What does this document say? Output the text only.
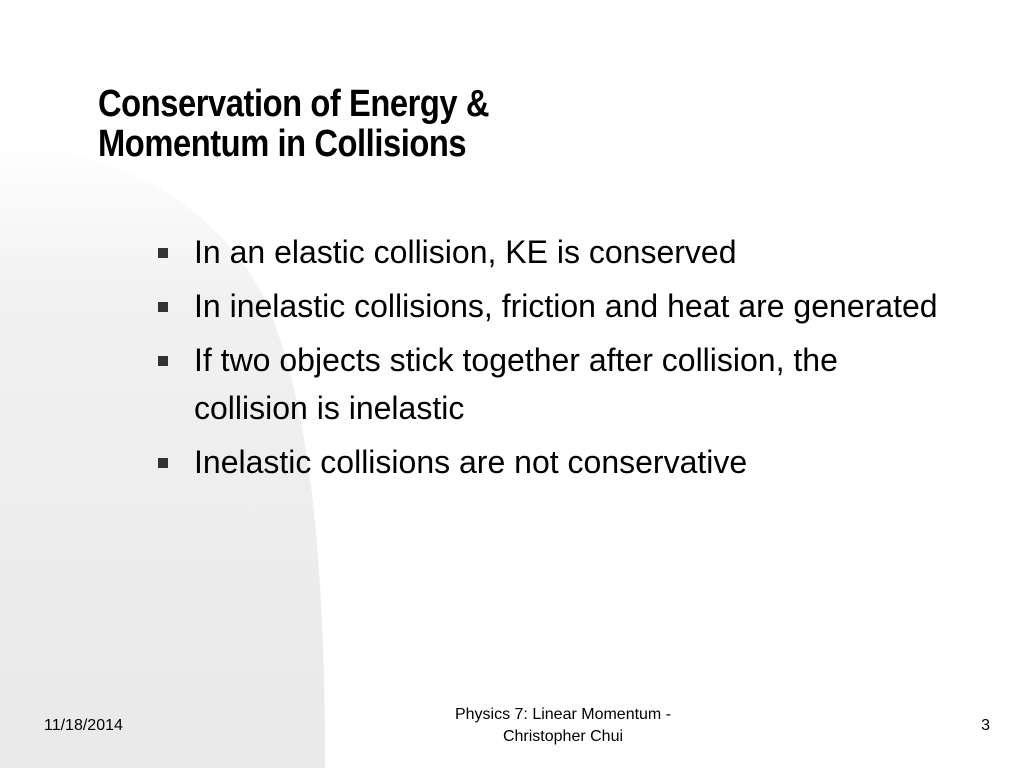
Conservation of Energy &
Momentum in Collisions
In an elastic collision, KE is conserved
In inelastic collisions, friction and heat are generated
If two objects stick together after collision, the collision is inelastic
Inelastic collisions are not conservative
11/18/2014
Physics 7: Linear Momentum -
Christopher Chui
3
